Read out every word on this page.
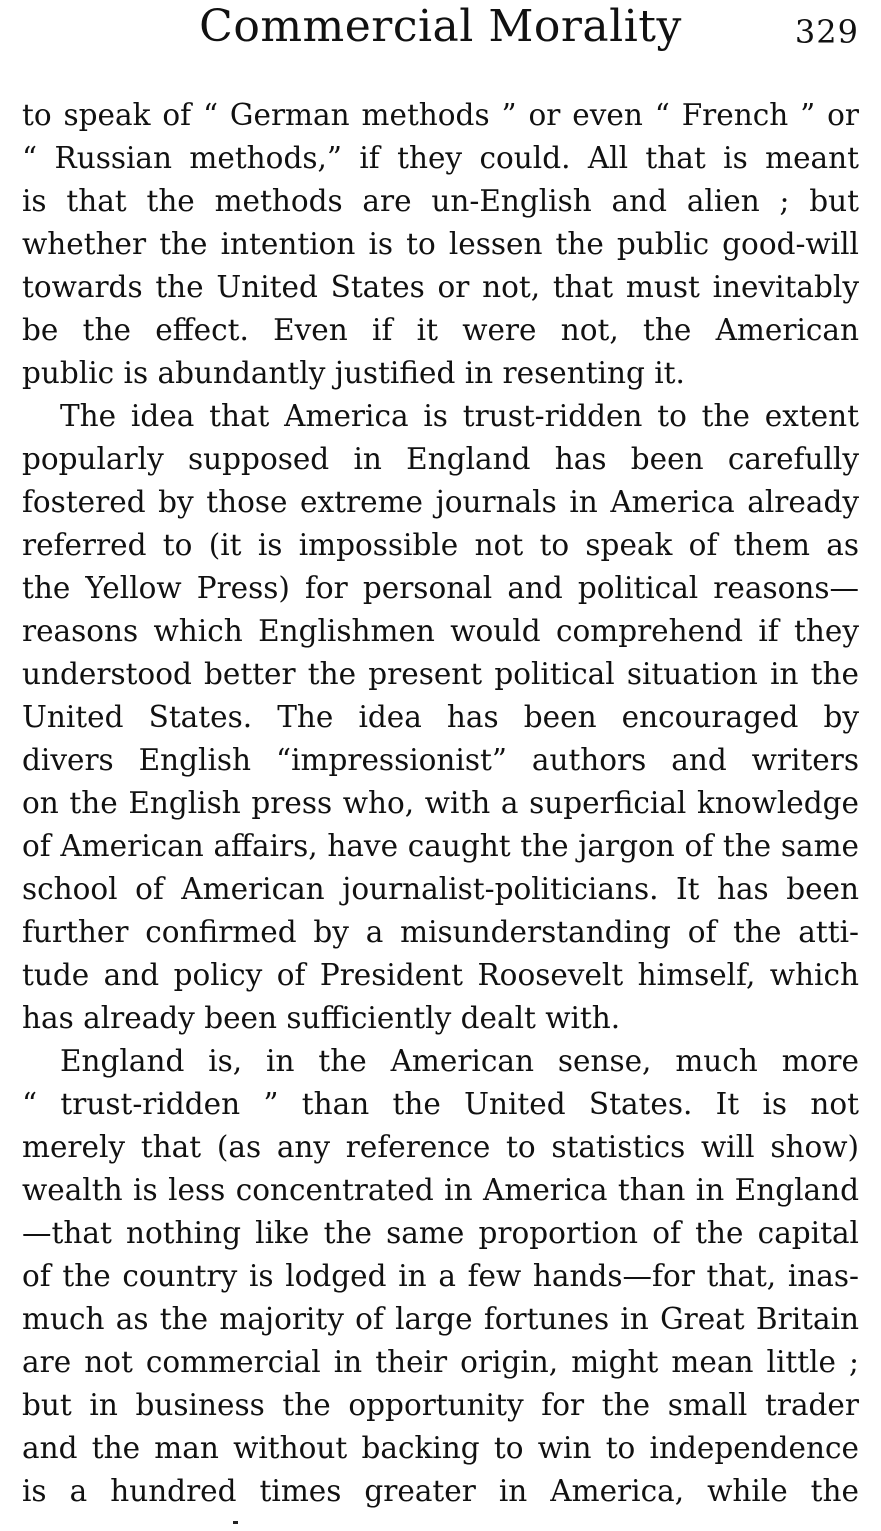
Commercial Morality	329
to speak of “ German methods ” or even “ French ” or
“ Russian methods,” if they could. All that is meant
is that the methods are un-English and alien ; but
whether the intention is to lessen the public good-will
towards the United States or not, that must inevitably
be the effect. Even if it were not, the American
public is abundantly justified in resenting it.
The idea that America is trust-ridden to the extent
popularly supposed in England has been carefully
fostered by those extreme journals in America already
referred to (it is impossible not to speak of them as
the Yellow Press) for personal and political reasons—
reasons which Englishmen would comprehend if they
understood better the present political situation in the
United States. The idea has been encouraged by
divers English “impressionist” authors and writers
on the English press who, with a superficial knowledge
of American affairs, have caught the jargon of the same
school of American journalist-politicians. It has been
further confirmed by a misunderstanding of the atti-
tude and policy of President Roosevelt himself, which
has already been sufficiently dealt with.
England is, in the American sense, much more
“ trust-ridden ” than the United States. It is not
merely that (as any reference to statistics will show)
wealth is less concentrated in America than in England
—that nothing like the same proportion of the capital
of the country is lodged in a few hands—for that, inas-
much as the majority of large fortunes in Great Britain
are not commercial in their origin, might mean little ;
but in business the opportunity for the small trader
and the man without backing to win to independence
is a hundred times greater in America, while the
